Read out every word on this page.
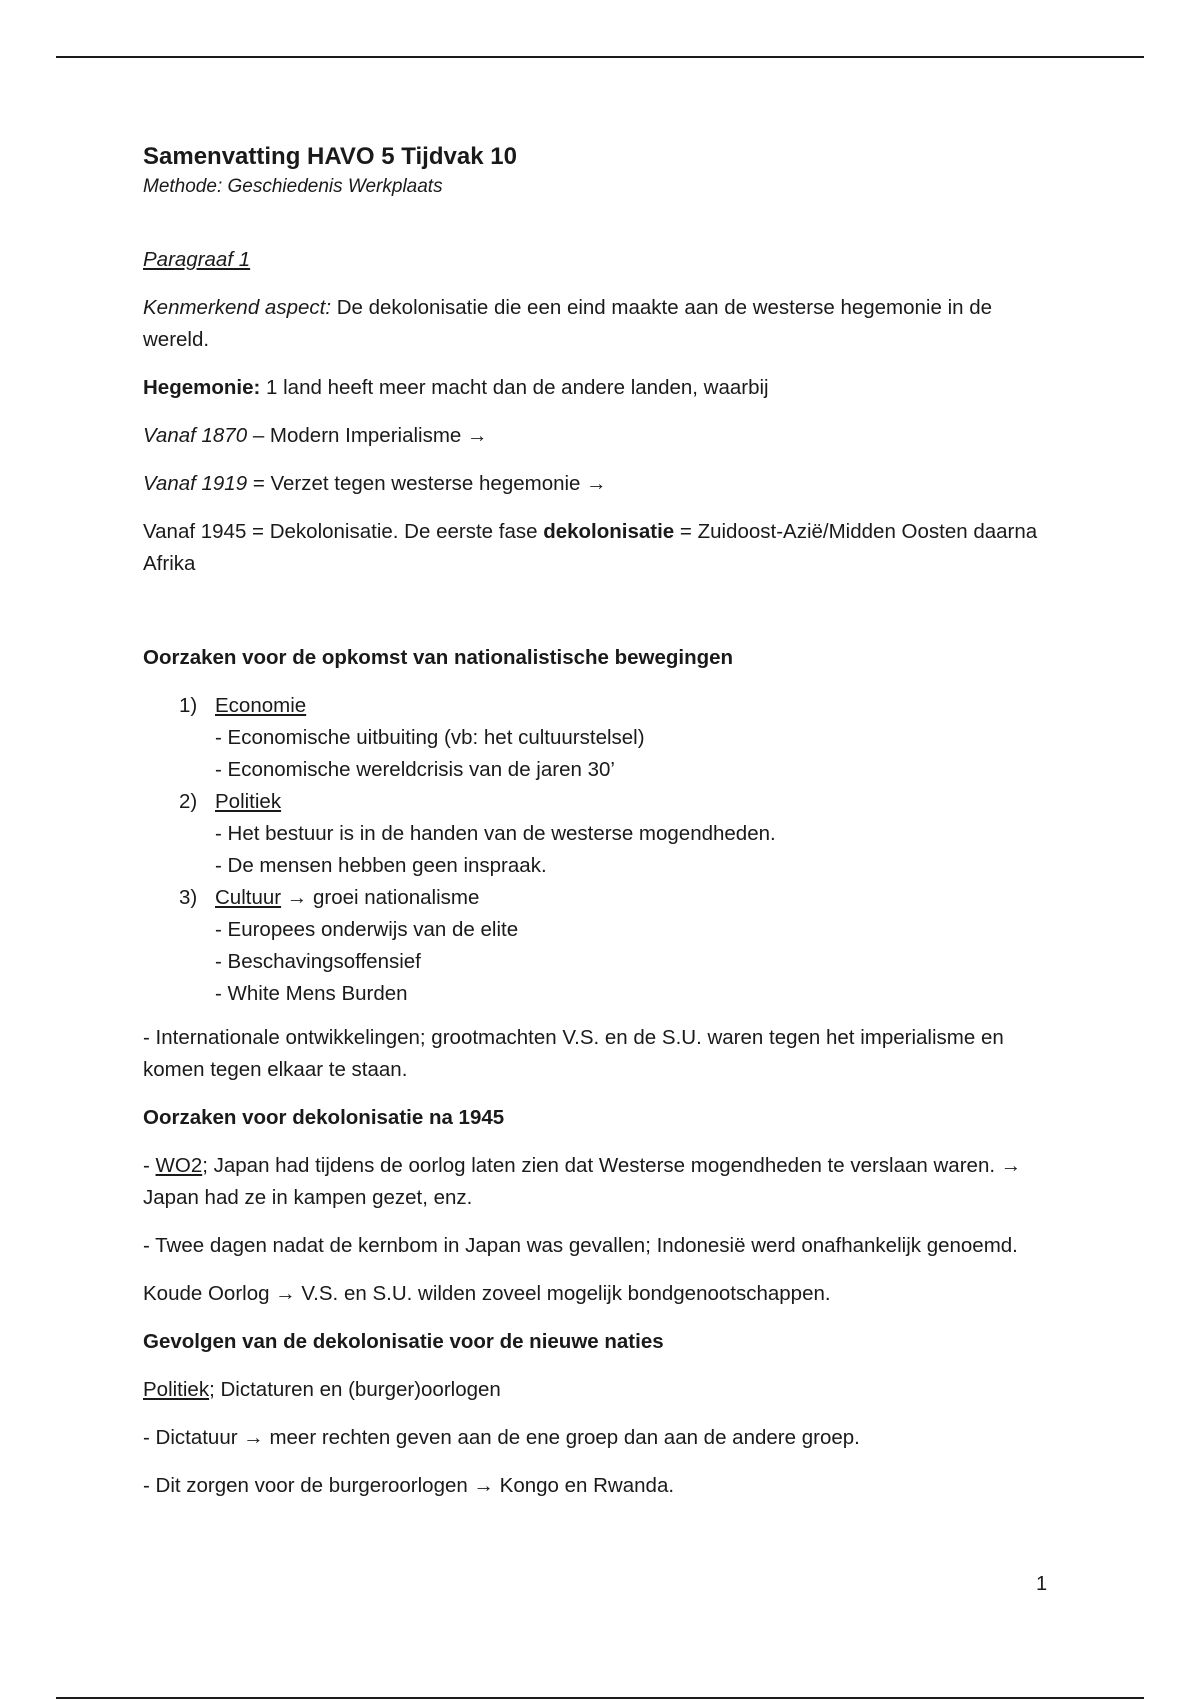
Samenvatting HAVO 5 Tijdvak 10

Methode: Geschiedenis Werkplaats

Paragraaf 1

Kenmerkend aspect: De dekolonisatie die een eind maakte aan de westerse hegemonie in de wereld.

Hegemonie: 1 land heeft meer macht dan de andere landen, waarbij

Vanaf 1870 – Modern Imperialisme →

Vanaf 1919 = Verzet tegen westerse hegemonie →

Vanaf 1945 = Dekolonisatie. De eerste fase dekolonisatie = Zuidoost-Azië/Midden Oosten daarna Afrika

Oorzaken voor de opkomst van nationalistische bewegingen

1) Economie
- Economische uitbuiting (vb: het cultuurstelsel)
- Economische wereldcrisis van de jaren 30’
2) Politiek
- Het bestuur is in de handen van de westerse mogendheden.
- De mensen hebben geen inspraak.
3) Cultuur → groei nationalisme
- Europees onderwijs van de elite
- Beschavingsoffensief
- White Mens Burden

- Internationale ontwikkelingen; grootmachten V.S. en de S.U. waren tegen het imperialisme en komen tegen elkaar te staan.

Oorzaken voor dekolonisatie na 1945

- WO2; Japan had tijdens de oorlog laten zien dat Westerse mogendheden te verslaan waren. → Japan had ze in kampen gezet, enz.

- Twee dagen nadat de kernbom in Japan was gevallen; Indonesië werd onafhankelijk genoemd.

Koude Oorlog → V.S. en S.U. wilden zoveel mogelijk bondgenootschappen.

Gevolgen van de dekolonisatie voor de nieuwe naties

Politiek; Dictaturen en (burger)oorlogen

- Dictatuur → meer rechten geven aan de ene groep dan aan de andere groep.

- Dit zorgen voor de burgeroorlogen → Kongo en Rwanda.

1
